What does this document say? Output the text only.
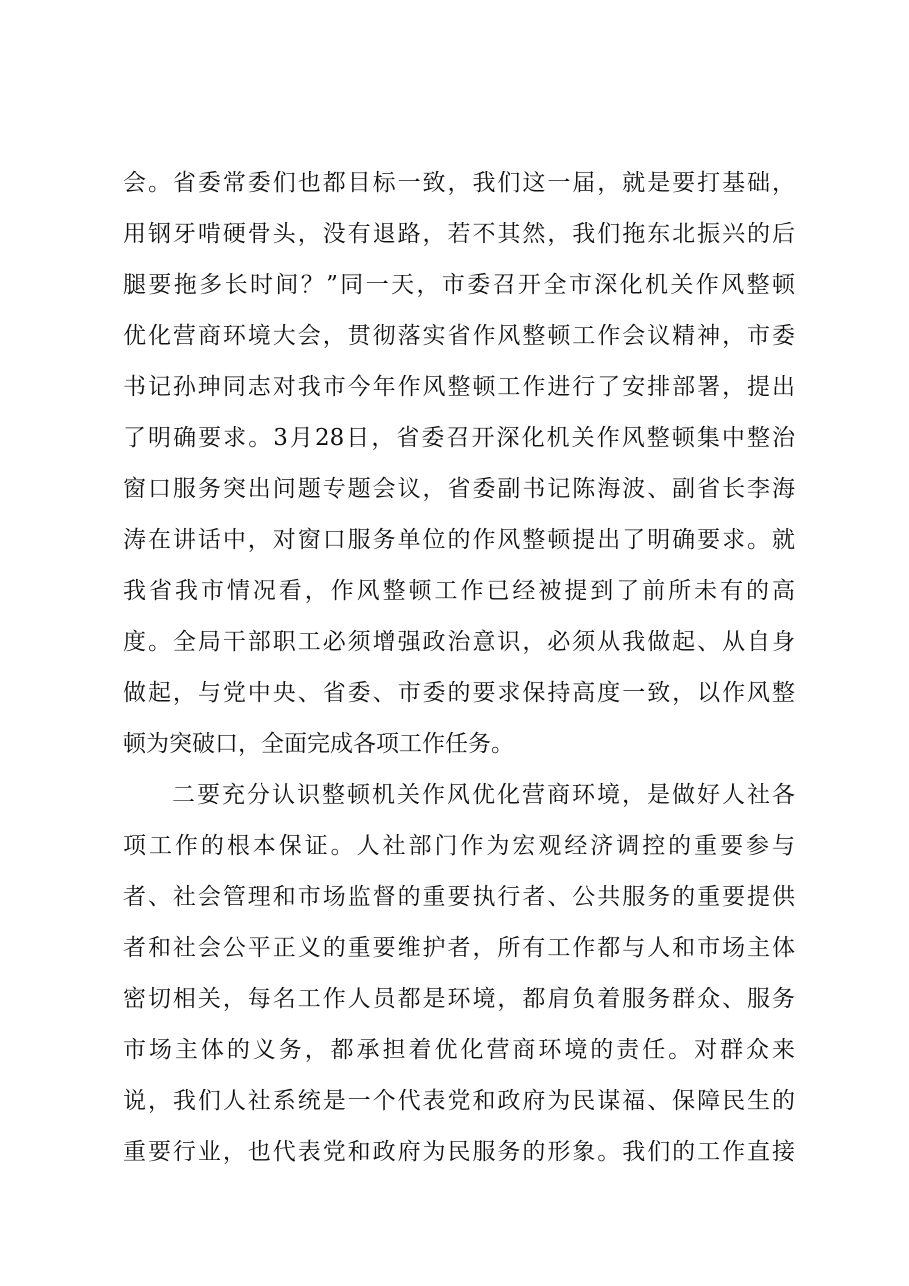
会。省委常委们也都目标一致，我们这一届，就是要打基础，
用钢牙啃硬骨头，没有退路，若不其然，我们拖东北振兴的后
腿要拖多长时间？”同一天，市委召开全市深化机关作风整顿
优化营商环境大会，贯彻落实省作风整顿工作会议精神，市委
书记孙珅同志对我市今年作风整顿工作进行了安排部署，提出
了明确要求。3月28日，省委召开深化机关作风整顿集中整治
窗口服务突出问题专题会议，省委副书记陈海波、副省长李海
涛在讲话中，对窗口服务单位的作风整顿提出了明确要求。就
我省我市情况看，作风整顿工作已经被提到了前所未有的高
度。全局干部职工必须增强政治意识，必须从我做起、从自身
做起，与党中央、省委、市委的要求保持高度一致，以作风整
顿为突破口，全面完成各项工作任务。
二要充分认识整顿机关作风优化营商环境，是做好人社各
项工作的根本保证。人社部门作为宏观经济调控的重要参与
者、社会管理和市场监督的重要执行者、公共服务的重要提供
者和社会公平正义的重要维护者，所有工作都与人和市场主体
密切相关，每名工作人员都是环境，都肩负着服务群众、服务
市场主体的义务，都承担着优化营商环境的责任。对群众来
说，我们人社系统是一个代表党和政府为民谋福、保障民生的
重要行业，也代表党和政府为民服务的形象。我们的工作直接
